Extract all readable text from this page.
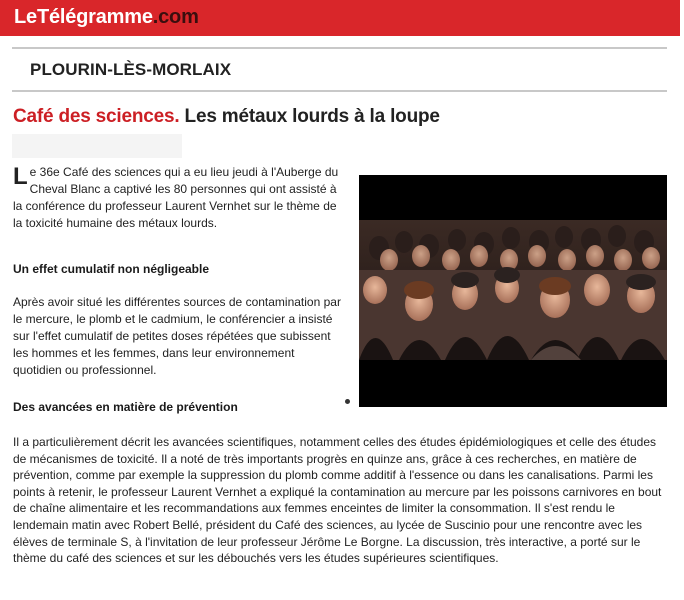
LeTélégramme.com
PLOURIN-LÈS-MORLAIX
Café des sciences. Les métaux lourds à la loupe
Le 36e Café des sciences qui a eu lieu jeudi à l'Auberge du Cheval Blanc a captivé les 80 personnes qui ont assisté à la conférence du professeur Laurent Vernhet sur le thème de la toxicité humaine des métaux lourds.
Un effet cumulatif non négligeable
Après avoir situé les différentes sources de contamination par le mercure, le plomb et le cadmium, le conférencier a insisté sur l'effet cumulatif de petites doses répétées que subissent les hommes et les femmes, dans leur environnement quotidien ou professionnel.
Des avancées en matière de prévention
Il a particulièrement décrit les avancées scientifiques, notamment celles des études épidémiologiques et celle des études de mécanismes de toxicité. Il a noté de très importants progrès en quinze ans, grâce à ces recherches, en matière de prévention, comme par exemple la suppression du plomb comme additif à l'essence ou dans les canalisations. Parmi les points à retenir, le professeur Laurent Vernhet a expliqué la contamination au mercure par les poissons carnivores en bout de chaîne alimentaire et les recommandations aux femmes enceintes de limiter la consommation. Il s'est rendu le lendemain matin avec Robert Bellé, président du Café des sciences, au lycée de Suscinio pour une rencontre avec les élèves de terminale S, à l'invitation de leur professeur Jérôme Le Borgne. La discussion, très interactive, a porté sur le thème du café des sciences et sur les débouchés vers les études supérieures scientifiques.
